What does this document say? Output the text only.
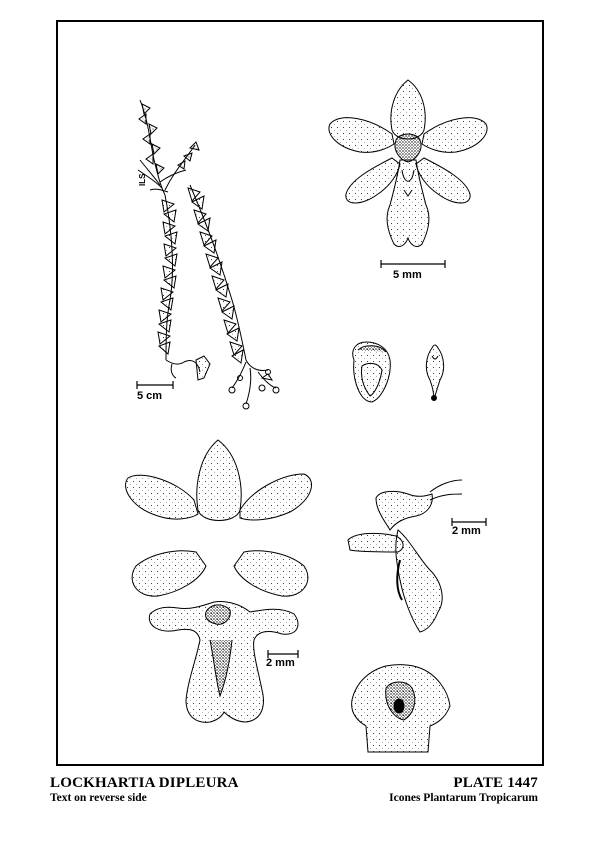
ILS
5 cm
5 mm
2 mm
2 mm
LOCKHARTIA DIPLEURA
Text on reverse side
PLATE 1447
Icones Plantarum Tropicarum
